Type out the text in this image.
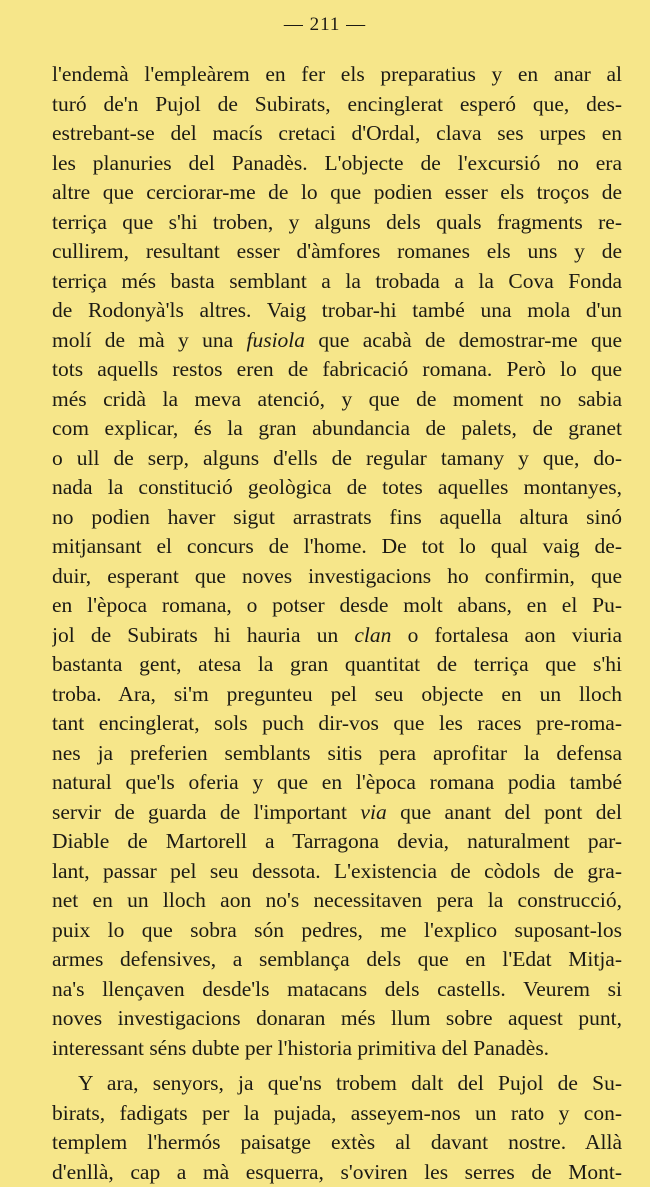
— 211 —
l'endemà l'empleàrem en fer els preparatius y en anar al
turó de'n Pujol de Subirats, encinglerat esperó que, des-
estrebant-se del macís cretaci d'Ordal, clava ses urpes en
les planuries del Panadès. L'objecte de l'excursió no era
altre que cerciorar-me de lo que podien esser els troços de
terriça que s'hi troben, y alguns dels quals fragments re-
cullirem, resultant esser d'àmfores romanes els uns y de
terriça més basta semblant a la trobada a la Cova Fonda
de Rodonyà'ls altres. Vaig trobar-hi també una mola d'un
molí de mà y una fusiola que acabà de demostrar-me que
tots aquells restos eren de fabricació romana. Però lo que
més cridà la meva atenció, y que de moment no sabia
com explicar, és la gran abundancia de palets, de granet
o ull de serp, alguns d'ells de regular tamany y que, do-
nada la constitució geològica de totes aquelles montanyes,
no podien haver sigut arrastrats fins aquella altura sinó
mitjansant el concurs de l'home. De tot lo qual vaig de-
duir, esperant que noves investigacions ho confirmin, que
en l'època romana, o potser desde molt abans, en el Pu-
jol de Subirats hi hauria un clan o fortalesa aon viuria
bastanta gent, atesa la gran quantitat de terriça que s'hi
troba. Ara, si'm pregunteu pel seu objecte en un lloch
tant encinglerat, sols puch dir-vos que les races pre-roma-
nes ja preferien semblants sitis pera aprofitar la defensa
natural que'ls oferia y que en l'època romana podia també
servir de guarda de l'important via que anant del pont del
Diable de Martorell a Tarragona devia, naturalment par-
lant, passar pel seu dessota. L'existencia de còdols de gra-
net en un lloch aon no's necessitaven pera la construcció,
puix lo que sobra són pedres, me l'explico suposant-los
armes defensives, a semblança dels que en l'Edat Mitja-
na's llençaven desde'ls matacans dels castells. Veurem si
noves investigacions donaran més llum sobre aquest punt,
interessant séns dubte per l'historia primitiva del Panadès.
Y ara, senyors, ja que'ns trobem dalt del Pujol de Su-
birats, fadigats per la pujada, asseyem-nos un rato y con-
templem l'hermós paisatge extès al davant nostre. Allà
d'enllà, cap a mà esquerra, s'oviren les serres de Mont-
